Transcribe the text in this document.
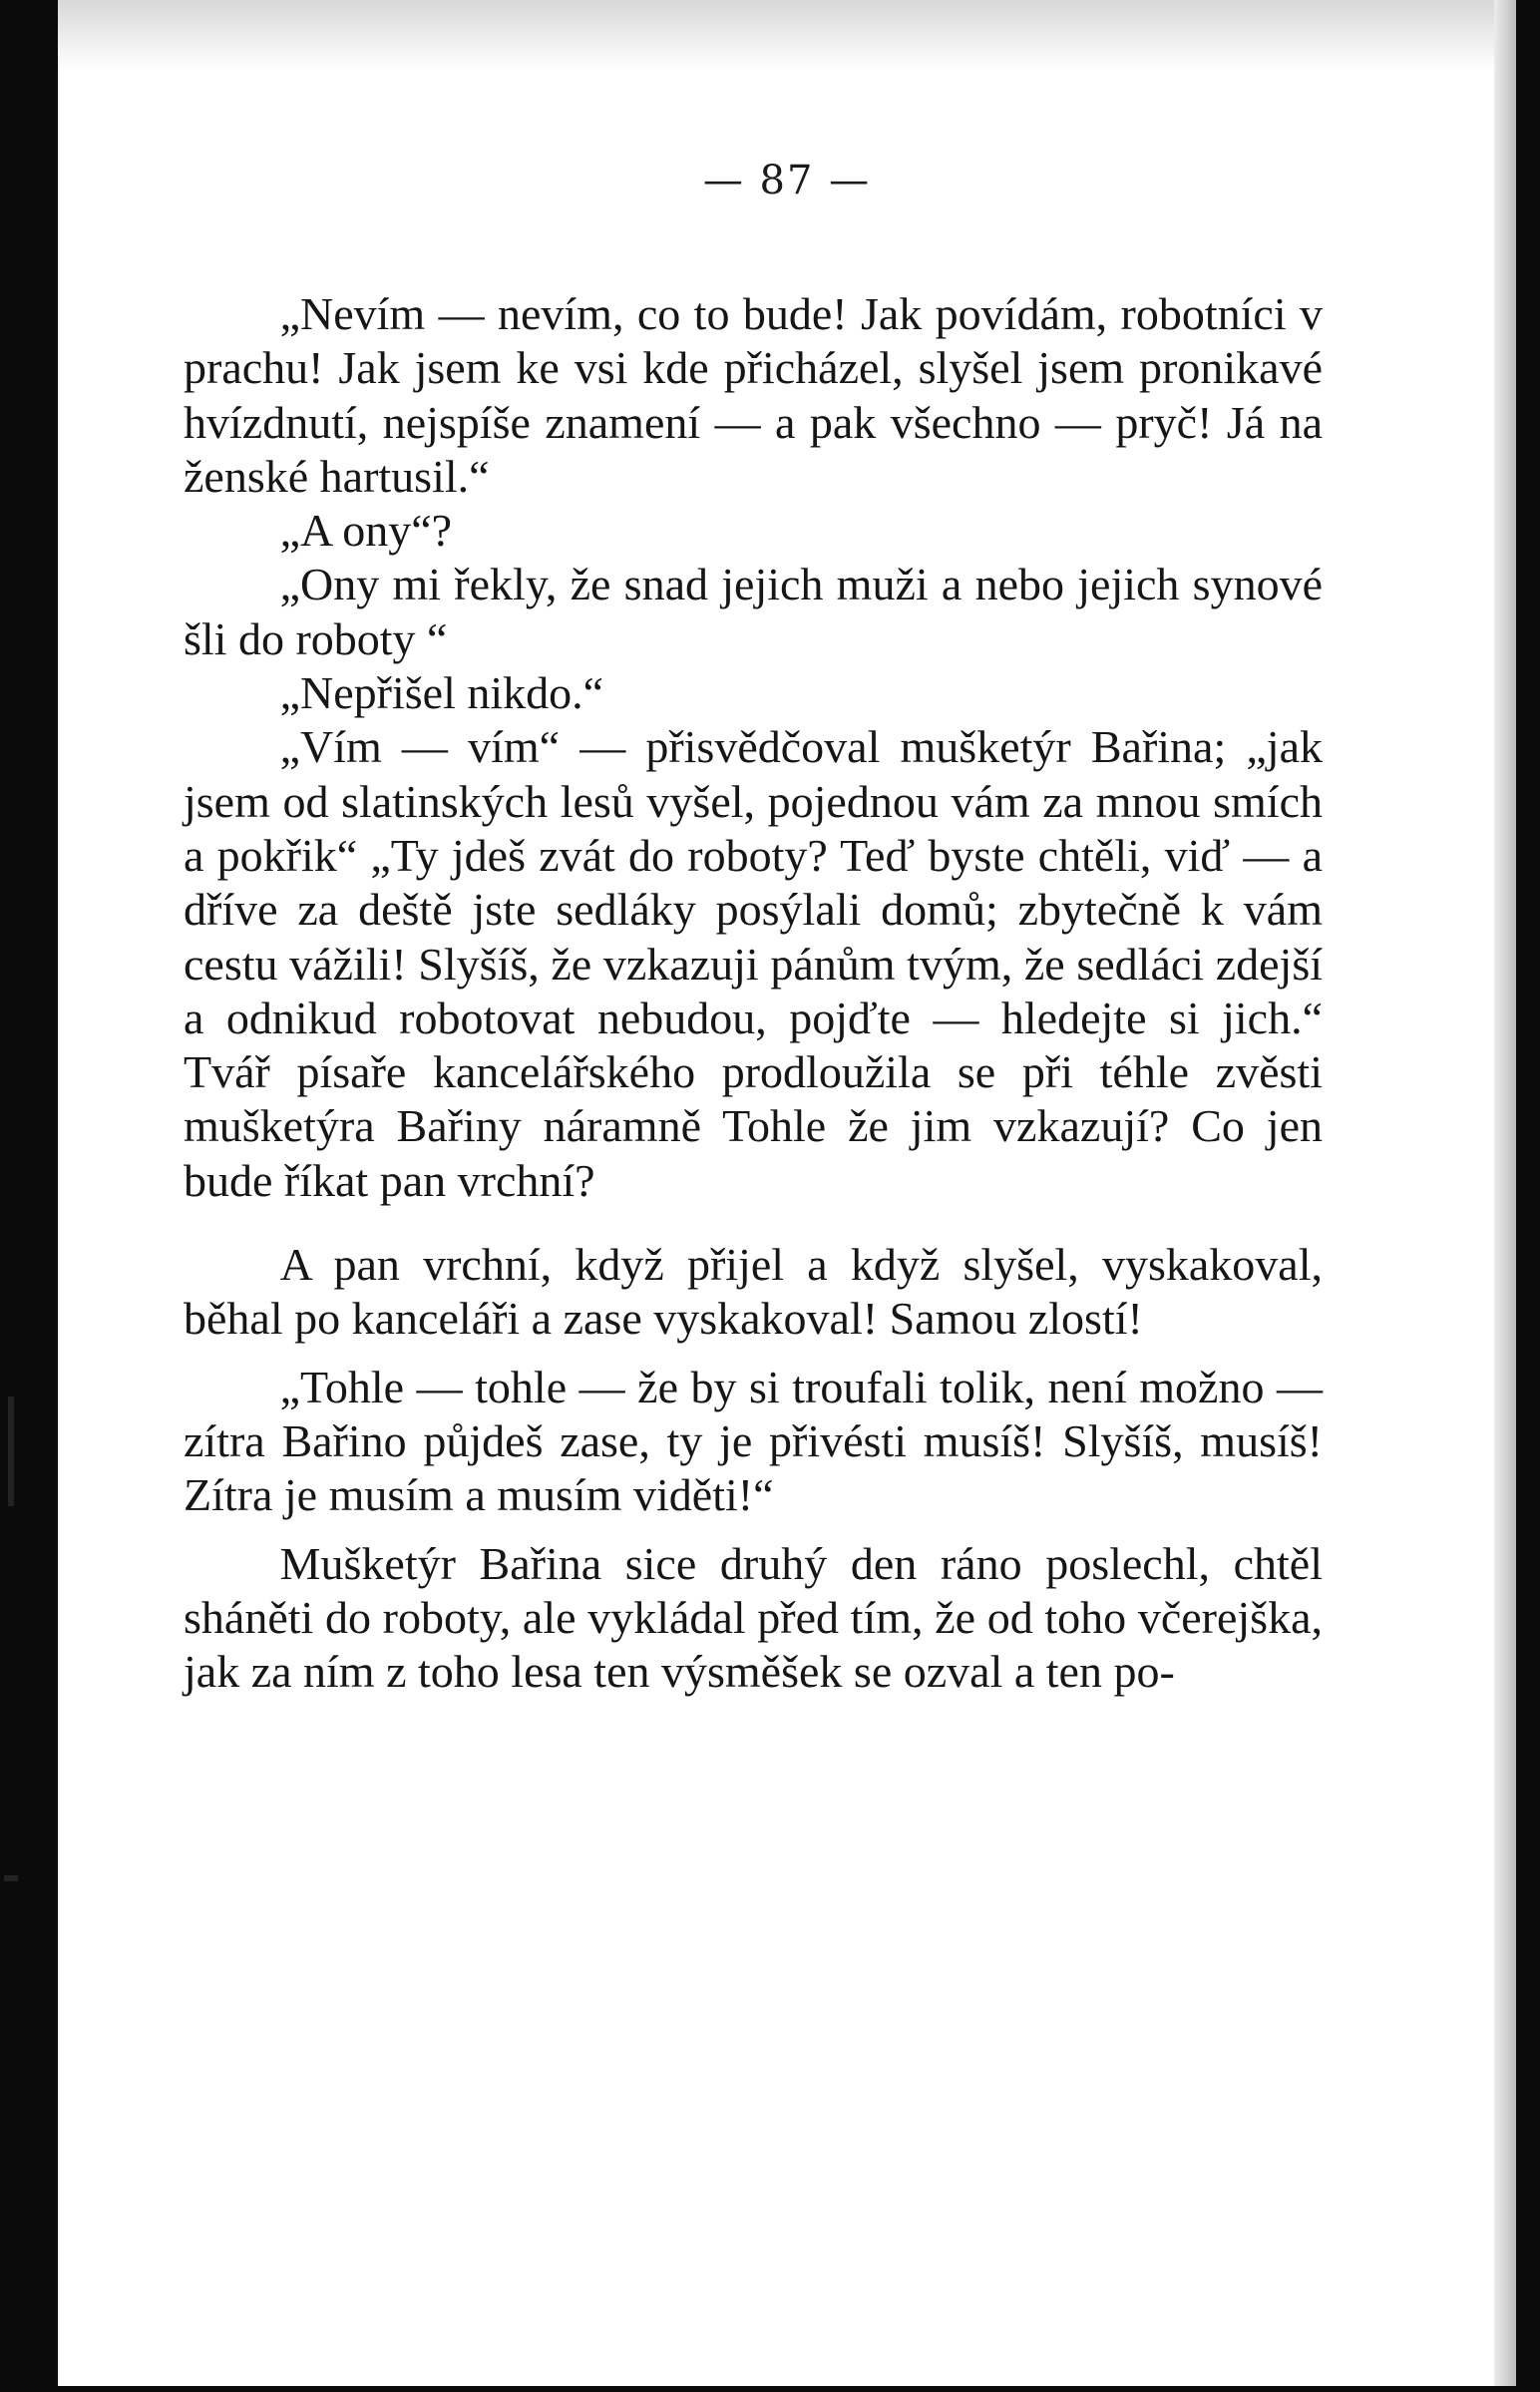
— 87 —

„Nevím — nevím, co to bude! Jak povídám, robotníci v prachu! Jak jsem ke vsi kde přicházel, slyšel jsem pronikavé hvízdnutí, nejspíše znamení — a pak všechno — pryč! Já na ženské hartusil.“

„A ony“?

„Ony mi řekly, že snad jejich muži a nebo jejich synové šli do roboty “

„Nepřišel nikdo.“

„Vím — vím“ — přisvědčoval mušketýr Bařina; „jak jsem od slatinských lesů vyšel, pojednou vám za mnou smích a pokřik“ „Ty jdeš zvát do roboty? Teď byste chtěli, viď — a dříve za deště jste sedláky posýlali domů; zbytečně k vám cestu vážili! Slyšíš, že vzkazuji pánům tvým, že sedláci zdejší a odnikud robotovat nebudou, pojďte — hledejte si jich.“ Tvář písaře kancelářského prodloužila se při téhle zvěsti mušketýra Bařiny náramně Tohle že jim vzkazují? Co jen bude říkat pan vrchní?

A pan vrchní, když přijel a když slyšel, vyskakoval, běhal po kanceláři a zase vyskakoval! Samou zlostí!

„Tohle — tohle — že by si troufali tolik, není možno — zítra Bařino půjdeš zase, ty je přivésti musíš! Slyšíš, musíš! Zítra je musím a musím viděti!“

Mušketýr Bařina sice druhý den ráno poslechl, chtěl sháněti do roboty, ale vykládal před tím, že od toho včerejška, jak za ním z toho lesa ten výsměšek se ozval a ten po-
